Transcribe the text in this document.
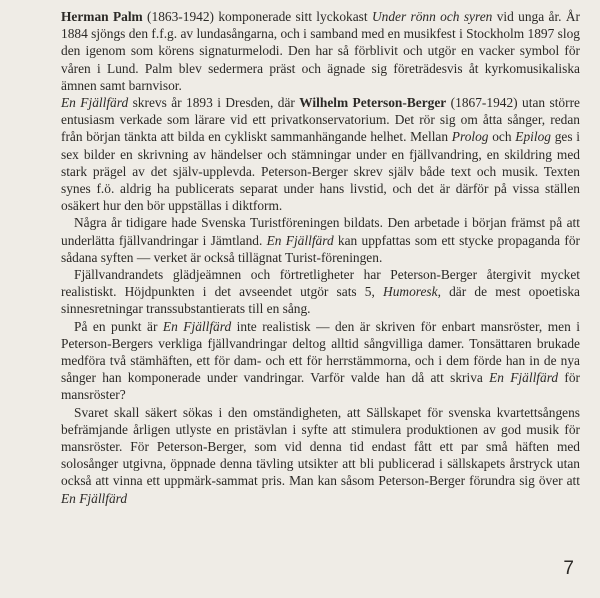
Herman Palm (1863-1942) komponerade sitt lyckokast Under rönn och syren vid unga år. År 1884 sjöngs den f.f.g. av lundasångarna, och i samband med en musikfest i Stockholm 1897 slog den igenom som körens signaturmelodi. Den har så förblivit och utgör en vacker symbol för våren i Lund. Palm blev sedermera präst och ägnade sig företrädesvis åt kyrkomusikaliska ämnen samt barnvisor.

En Fjällfärd skrevs år 1893 i Dresden, där Wilhelm Peterson-Berger (1867-1942) utan större entusiasm verkade som lärare vid ett privatkonservatorium. Det rör sig om åtta sånger, redan från början tänkta att bilda en cykliskt sammanhängande helhet. Mellan Prolog och Epilog ges i sex bilder en skrivning av händelser och stämningar under en fjällvandring, en skildring med stark prägel av det själv-upplevda. Peterson-Berger skrev själv både text och musik. Texten synes f.ö. aldrig ha publicerats separat under hans livstid, och det är därför på vissa ställen osäkert hur den bör uppställas i diktform.

Några år tidigare hade Svenska Turistföreningen bildats. Den arbetade i början främst på att underlätta fjällvandringar i Jämtland. En Fjällfärd kan uppfattas som ett stycke propaganda för sådana syften — verket är också tillägnat Turist-föreningen.

Fjällvandrandets glädjeämnen och förtretligheter har Peterson-Berger återgivit mycket realistiskt. Höjdpunkten i det avseendet utgör sats 5, Humoresk, där de mest opoetiska sinnesretningar transsubstantierats till en sång.

På en punkt är En Fjällfärd inte realistisk — den är skriven för enbart mansröster, men i Peterson-Bergers verkliga fjällvandringar deltog alltid sångvilliga damer. Tonsättaren brukade medföra två stämhäften, ett för dam- och ett för herrstämmorna, och i dem förde han in de nya sånger han komponerade under vandringar. Varför valde han då att skriva En Fjällfärd för mansröster?

Svaret skall säkert sökas i den omständigheten, att Sällskapet för svenska kvartettsångens befrämjande årligen utlyste en pristävlan i syfte att stimulera produktionen av god musik för mansröster. För Peterson-Berger, som vid denna tid endast fått ett par små häften med solosånger utgivna, öppnade denna tävling utsikter att bli publicerad i sällskapets årstryck utan också att vinna ett uppmärk-sammat pris. Man kan såsom Peterson-Berger förundra sig över att En Fjällfärd

7
